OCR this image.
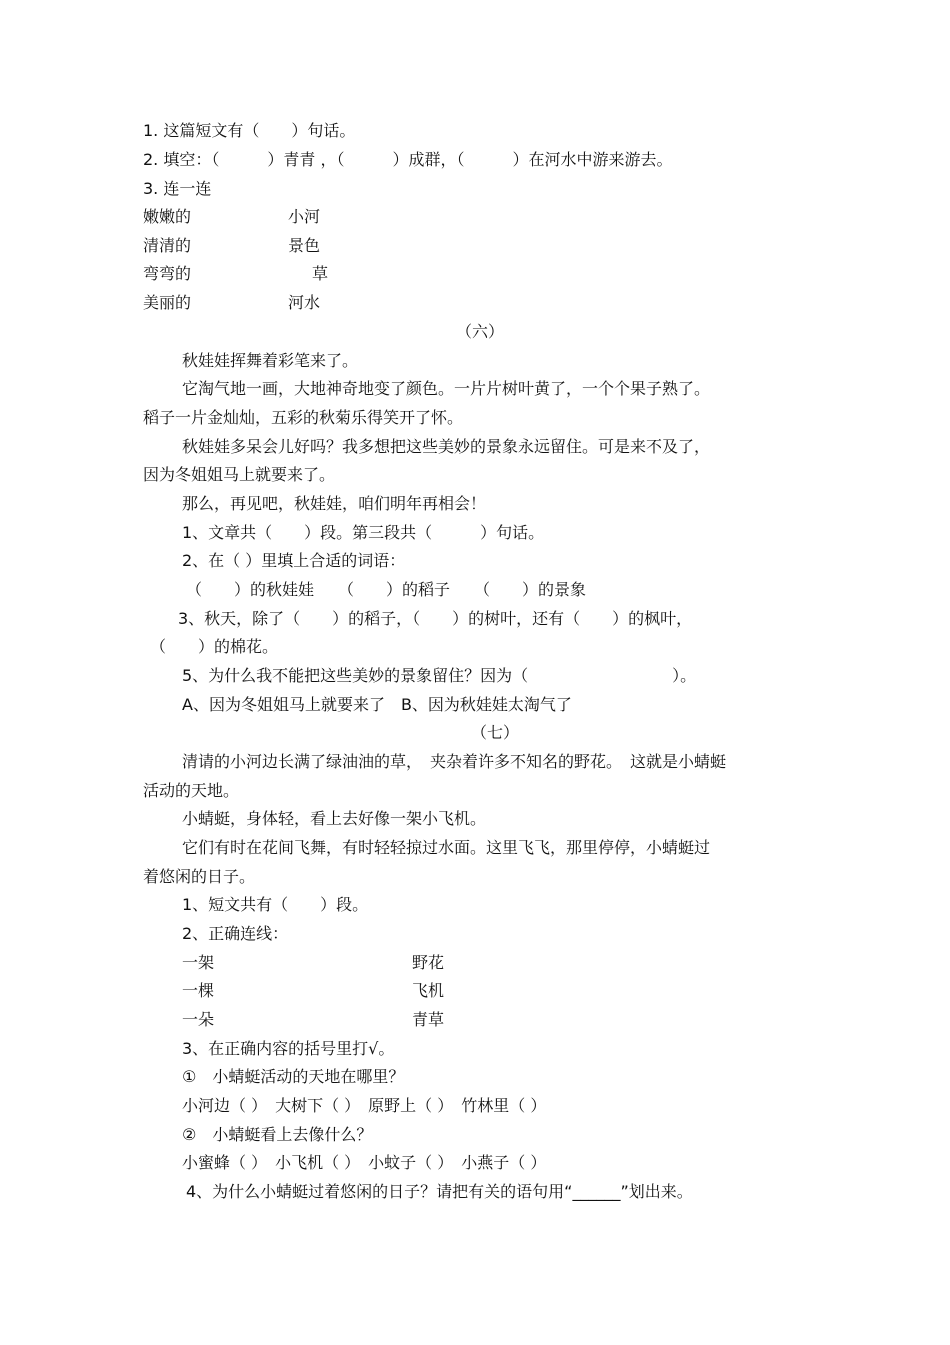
1. 这篇短文有（　　）句话。
2. 填空：（　　　）青青 ，（　　　）成群，（　　　）在河水中游来游去。
3. 连一连
嫩嫩的	小河
清清的	景色
弯弯的	草
美丽的	河水
（六）
秋娃娃挥舞着彩笔来了。
它淘气地一画，大地神奇地变了颜色。一片片树叶黄了，一个个果子熟了。
稻子一片金灿灿，五彩的秋菊乐得笑开了怀。
秋娃娃多呆会儿好吗？我多想把这些美妙的景象永远留住。可是来不及了，
因为冬姐姐马上就要来了。
那么，再见吧，秋娃娃，咱们明年再相会！
1、文章共（　　）段。第三段共（　　　）句话。
2、在（ ）里填上合适的词语：
（　　）的秋娃娃　　（　　）的稻子　　（　　）的景象
3、秋天，除了（　　）的稻子，（　　）的树叶，还有（　　）的枫叶，
（　　）的棉花。
5、为什么我不能把这些美妙的景象留住？因为（　　　　　　　　　）。
A、因为冬姐姐马上就要来了　B、因为秋娃娃太淘气了
（七）
清请的小河边长满了绿油油的草，　夹杂着许多不知名的野花。　这就是小蜻蜓
活动的天地。
小蜻蜓，身体轻，看上去好像一架小飞机。
它们有时在花间飞舞，有时轻轻掠过水面。这里飞飞，那里停停，小蜻蜓过
着悠闲的日子。
1、短文共有（　　）段。
2、正确连线：
一架	野花
一棵	飞机
一朵	青草
3、在正确内容的括号里打√。
①　小蜻蜓活动的天地在哪里？
小河边（ ）　大树下（ ）　原野上（ ）　竹林里（ ）
②　小蜻蜓看上去像什么？
小蜜蜂（ ）　小飞机（ ）　小蚊子（ ）　小燕子（ ）
4、为什么小蜻蜓过着悠闲的日子？请把有关的语句用“______”划出来。
